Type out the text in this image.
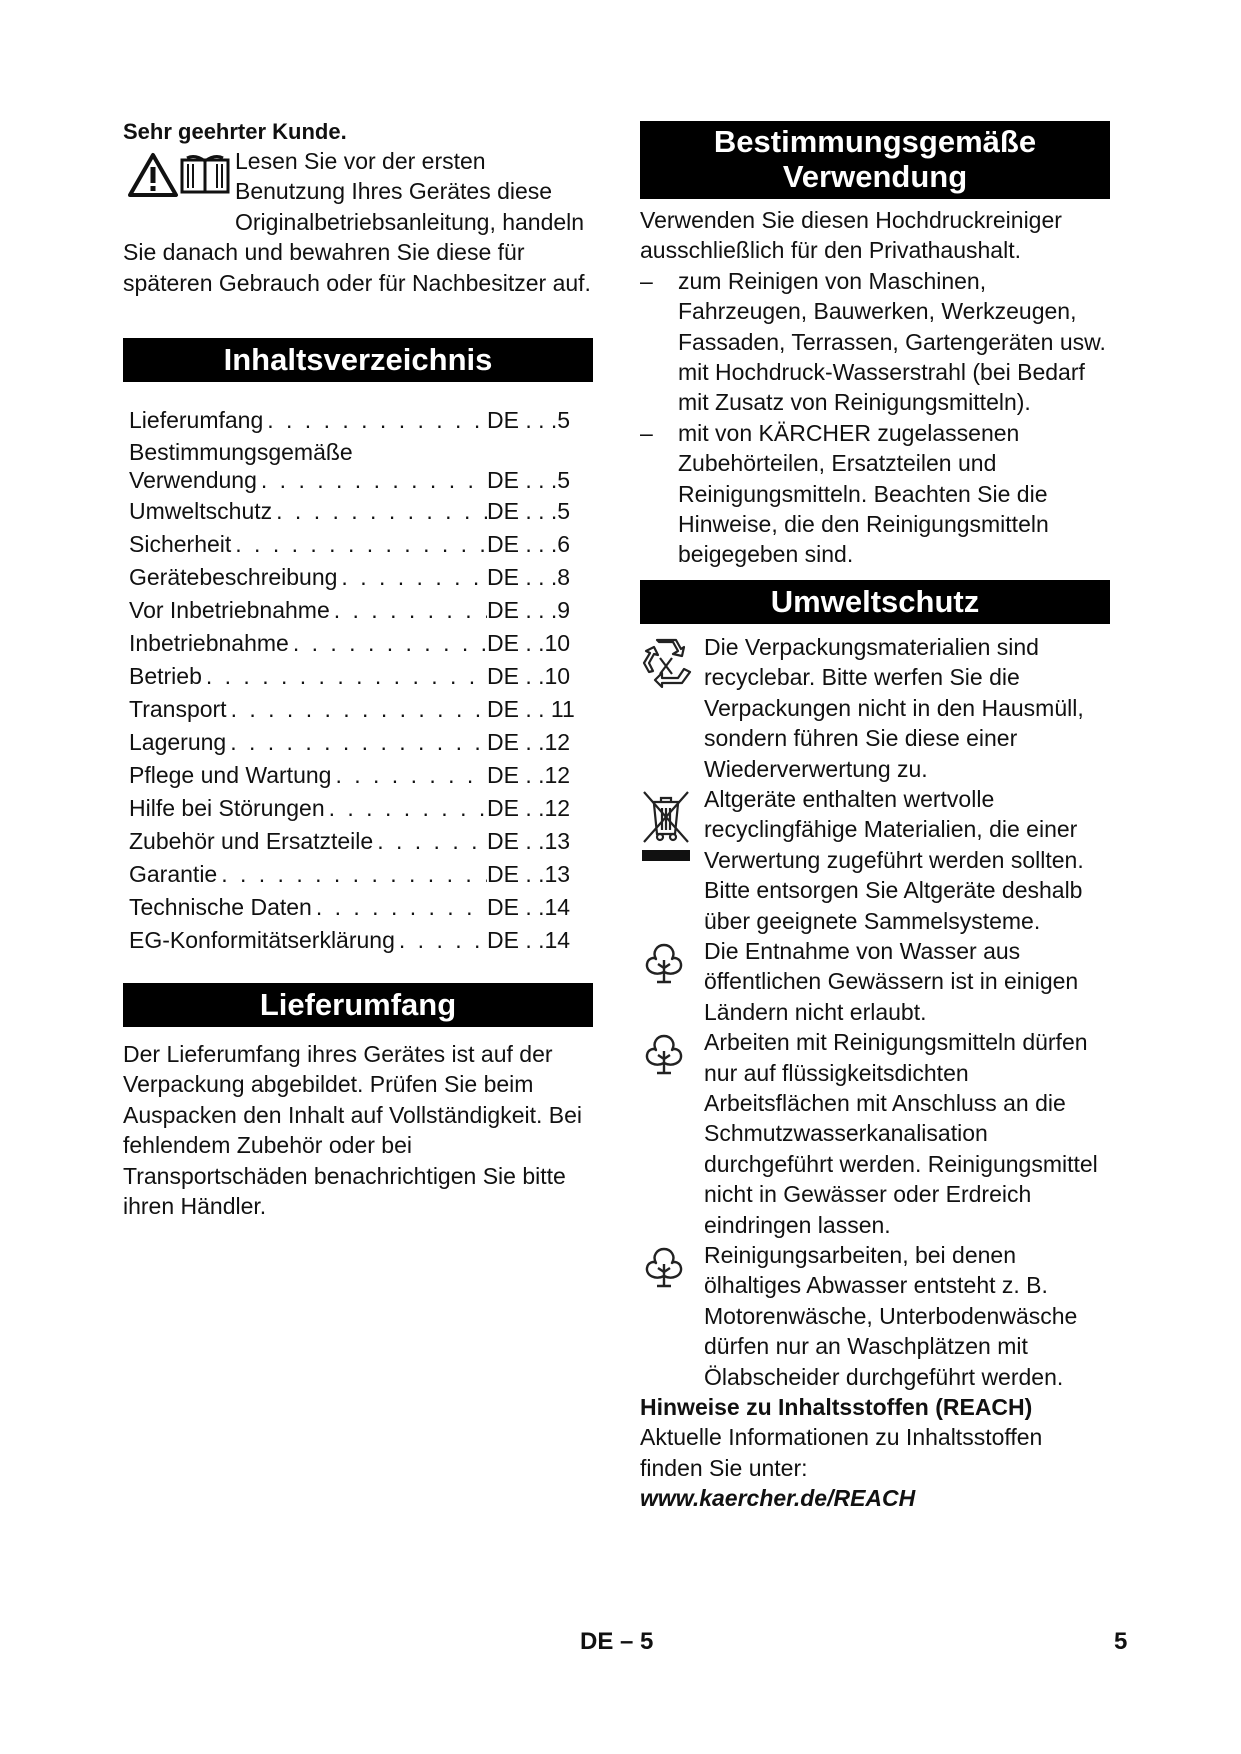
Sehr geehrter Kunde.

Lesen Sie vor der ersten Benutzung Ihres Gerätes diese Originalbetriebsanleitung, handeln Sie danach und bewahren Sie diese für späteren Gebrauch oder für Nachbesitzer auf.

Inhaltsverzeichnis
Lieferumfang . . .	DE . . .5
Bestimmungsgemäße
Verwendung . . .	DE . . .5
Umweltschutz . . .	DE . . .5
Sicherheit . . .	DE . . .6
Gerätebeschreibung . . .	DE . . .8
Vor Inbetriebnahme . . .	DE . . .9
Inbetriebnahme . . .	DE . .10
Betrieb . . .	DE . .10
Transport . . .	DE . . 11
Lagerung . . .	DE . .12
Pflege und Wartung . . .	DE . .12
Hilfe bei Störungen . . .	DE . .12
Zubehör und Ersatzteile . . .	DE . .13
Garantie . . .	DE . .13
Technische Daten . . .	DE . .14
EG-Konformitätserklärung . . .	DE . .14
Lieferumfang

Der Lieferumfang ihres Gerätes ist auf der Verpackung abgebildet. Prüfen Sie beim Auspacken den Inhalt auf Vollständigkeit. Bei fehlendem Zubehör oder bei Transportschäden benachrichtigen Sie bitte ihren Händler.

Bestimmungsgemäße
Verwendung

Verwenden Sie diesen Hochdruckreiniger ausschließlich für den Privathaushalt.

–	zum Reinigen von Maschinen, Fahrzeugen, Bauwerken, Werkzeugen, Fassaden, Terrassen, Gartengeräten usw. mit Hochdruck-Wasserstrahl (bei Bedarf mit Zusatz von Reinigungsmitteln).
–	mit von KÄRCHER zugelassenen Zubehörteilen, Ersatzteilen und Reinigungsmitteln. Beachten Sie die Hinweise, die den Reinigungsmitteln beigegeben sind.
Umweltschutz
Die Verpackungsmaterialien sind recyclebar. Bitte werfen Sie die Verpackungen nicht in den Hausmüll, sondern führen Sie diese einer Wiederverwertung zu.
Altgeräte enthalten wertvolle recyclingfähige Materialien, die einer Verwertung zugeführt werden sollten. Bitte entsorgen Sie Altgeräte deshalb über geeignete Sammelsysteme.
Die Entnahme von Wasser aus öffentlichen Gewässern ist in einigen Ländern nicht erlaubt.
Arbeiten mit Reinigungsmitteln dürfen nur auf flüssigkeitsdichten Arbeitsflächen mit Anschluss an die Schmutzwasserkanalisation durchgeführt werden. Reinigungsmittel nicht in Gewässer oder Erdreich eindringen lassen.
Reinigungsarbeiten, bei denen ölhaltiges Abwasser entsteht z. B. Motorenwäsche, Unterbodenwäsche dürfen nur an Waschplätzen mit Ölabscheider durchgeführt werden.

Hinweise zu Inhaltsstoffen (REACH)

Aktuelle Informationen zu Inhaltsstoffen finden Sie unter:

www.kaercher.de/REACH

DE – 5	5
